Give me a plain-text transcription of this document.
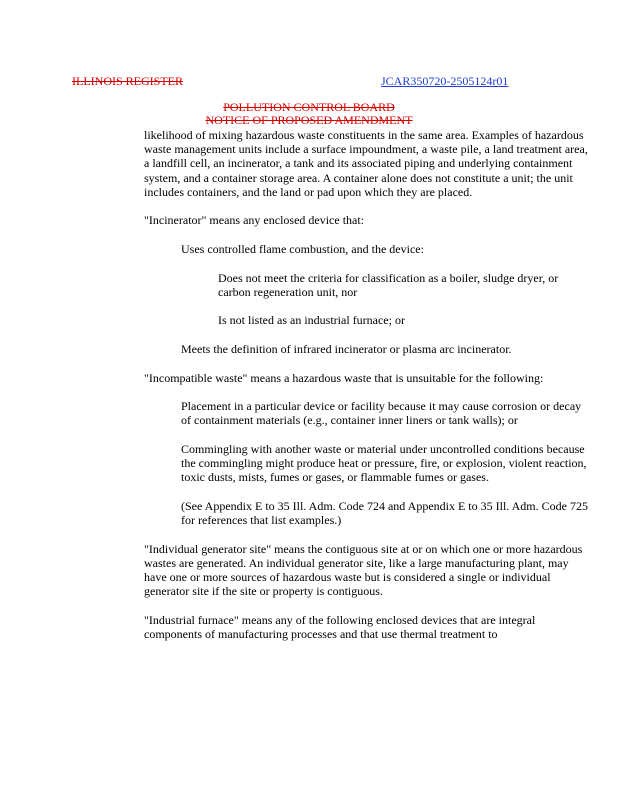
ILLINOIS REGISTER	JCAR350720-2505124r01
POLLUTION CONTROL BOARD
NOTICE OF PROPOSED AMENDMENT

likelihood of mixing hazardous waste constituents in the same area. Examples of hazardous waste management units include a surface impoundment, a waste pile, a land treatment area, a landfill cell, an incinerator, a tank and its associated piping and underlying containment system, and a container storage area. A container alone does not constitute a unit; the unit includes containers, and the land or pad upon which they are placed.

"Incinerator" means any enclosed device that:

Uses controlled flame combustion, and the device:

Does not meet the criteria for classification as a boiler, sludge dryer, or carbon regeneration unit, nor

Is not listed as an industrial furnace; or

Meets the definition of infrared incinerator or plasma arc incinerator.

"Incompatible waste" means a hazardous waste that is unsuitable for the following:

Placement in a particular device or facility because it may cause corrosion or decay of containment materials (e.g., container inner liners or tank walls); or

Commingling with another waste or material under uncontrolled conditions because the commingling might produce heat or pressure, fire, or explosion, violent reaction, toxic dusts, mists, fumes or gases, or flammable fumes or gases.

(See Appendix E to 35 Ill. Adm. Code 724 and Appendix E to 35 Ill. Adm. Code 725 for references that list examples.)

"Individual generator site" means the contiguous site at or on which one or more hazardous wastes are generated. An individual generator site, like a large manufacturing plant, may have one or more sources of hazardous waste but is considered a single or individual generator site if the site or property is contiguous.

"Industrial furnace" means any of the following enclosed devices that are integral components of manufacturing processes and that use thermal treatment to
